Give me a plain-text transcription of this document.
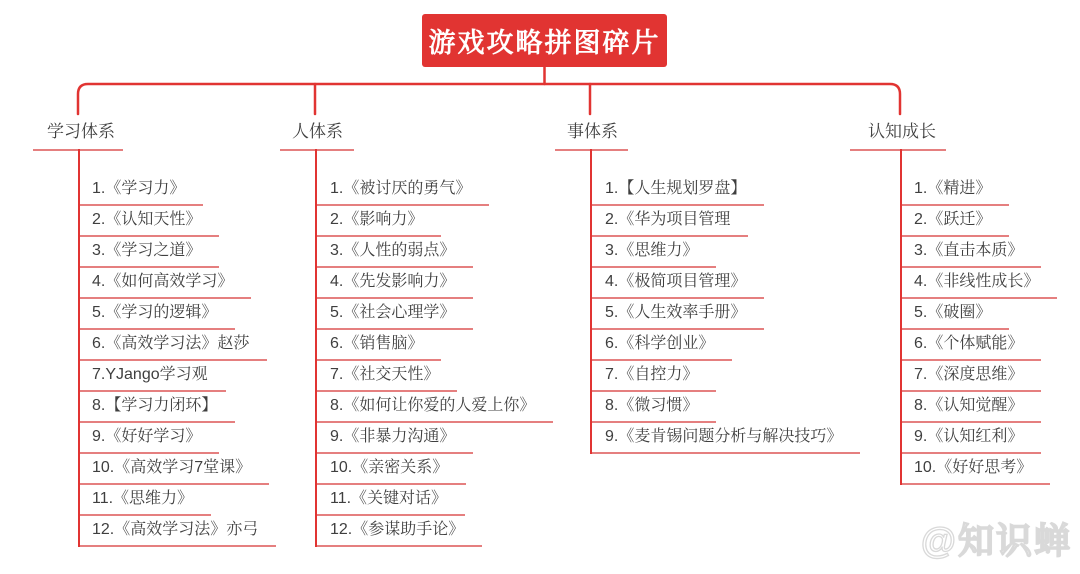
游戏攻略拼图碎片
学习体系
1.《学习力》
2.《认知天性》
3.《学习之道》
4.《如何高效学习》
5.《学习的逻辑》
6.《高效学习法》赵莎
7.YJango学习观
8.【学习力闭环】
9.《好好学习》
10.《高效学习7堂课》
11.《思维力》
12.《高效学习法》亦弓
人体系
1.《被讨厌的勇气》
2.《影响力》
3.《人性的弱点》
4.《先发影响力》
5.《社会心理学》
6.《销售脑》
7.《社交天性》
8.《如何让你爱的人爱上你》
9.《非暴力沟通》
10.《亲密关系》
11.《关键对话》
12.《参谋助手论》
事体系
1.【人生规划罗盘】
2.《华为项目管理
3.《思维力》
4.《极简项目管理》
5.《人生效率手册》
6.《科学创业》
7.《自控力》
8.《微习惯》
9.《麦肯锡问题分析与解决技巧》
认知成长
1.《精进》
2.《跃迁》
3.《直击本质》
4.《非线性成长》
5.《破圈》
6.《个体赋能》
7.《深度思维》
8.《认知觉醒》
9.《认知红利》
10.《好好思考》
@知识蝉
